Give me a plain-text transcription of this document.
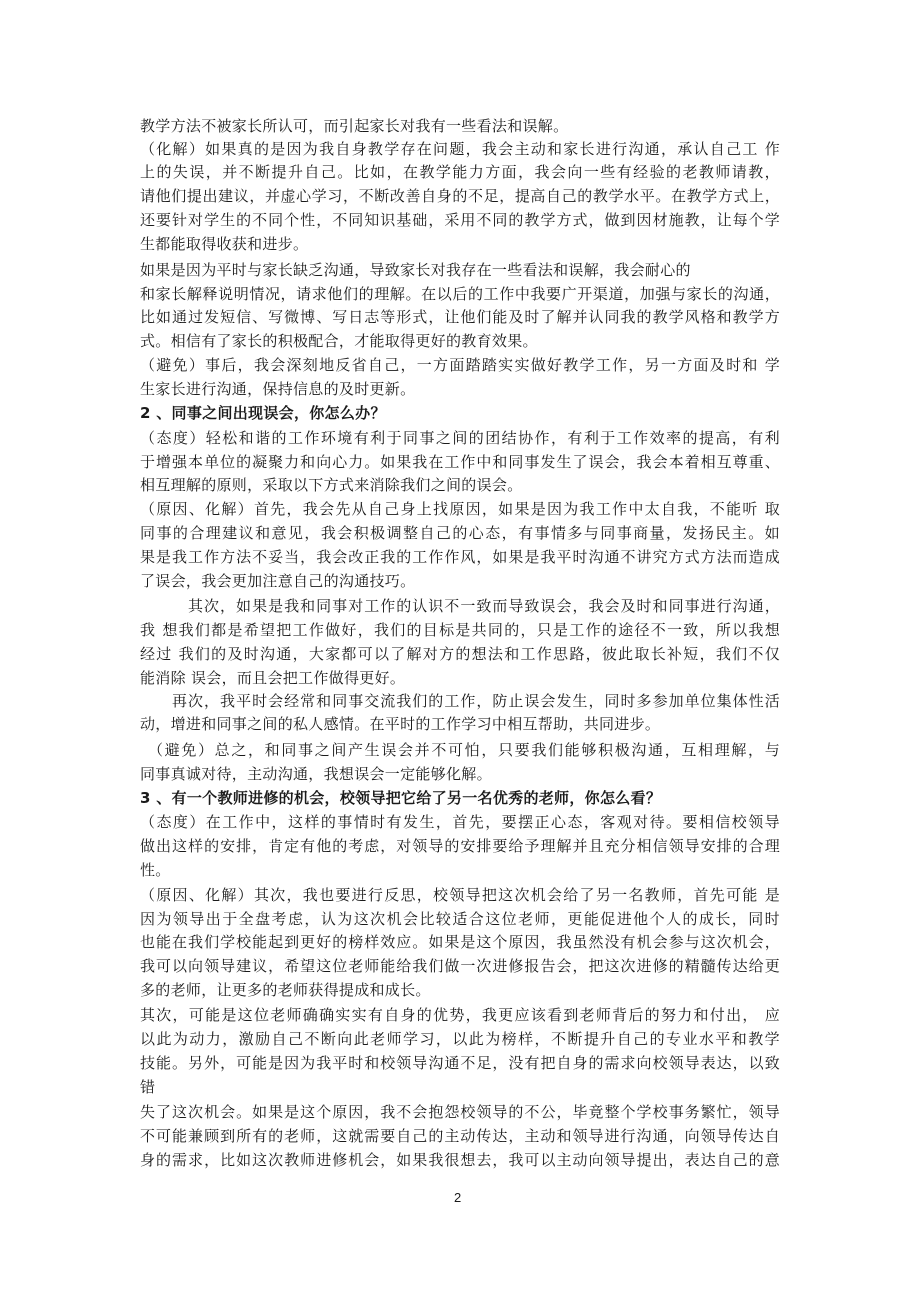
教学方法不被家长所认可，而引起家长对我有一些看法和误解。
（化解）如果真的是因为我自身教学存在问题，我会主动和家长进行沟通，承认自己工 作
上的失误，并不断提升自己。比如，在教学能力方面，我会向一些有经验的老教师请教，
请他们提出建议，并虚心学习，不断改善自身的不足，提高自己的教学水平。在教学方式上，
还要针对学生的不同个性，不同知识基础，采用不同的教学方式，做到因材施教，让每个学
生都能取得收获和进步。
如果是因为平时与家长缺乏沟通，导致家长对我存在一些看法和误解，我会耐心的
和家长解释说明情况，请求他们的理解。在以后的工作中我要广开渠道，加强与家长的沟通，
比如通过发短信、写微博、写日志等形式，让他们能及时了解并认同我的教学风格和教学方
式。相信有了家长的积极配合，才能取得更好的教育效果。
（避免）事后，我会深刻地反省自己，一方面踏踏实实做好教学工作，另一方面及时和 学
生家长进行沟通，保持信息的及时更新。
2 、同事之间出现误会，你怎么办？
（态度）轻松和谐的工作环境有利于同事之间的团结协作，有利于工作效率的提高，有利
于增强本单位的凝聚力和向心力。如果我在工作中和同事发生了误会，我会本着相互尊重、
相互理解的原则，采取以下方式来消除我们之间的误会。
（原因、化解）首先，我会先从自己身上找原因，如果是因为我工作中太自我，不能听 取
同事的合理建议和意见，我会积极调整自己的心态，有事情多与同事商量，发扬民主。如
果是我工作方法不妥当，我会改正我的工作作风，如果是我平时沟通不讲究方式方法而造成
了误会，我会更加注意自己的沟通技巧。
其次，如果是我和同事对工作的认识不一致而导致误会，我会及时和同事进行沟通，
我 想我们都是希望把工作做好，我们的目标是共同的，只是工作的途径不一致，所以我想
经过 我们的及时沟通，大家都可以了解对方的想法和工作思路，彼此取长补短，我们不仅
能消除 误会，而且会把工作做得更好。
再次，我平时会经常和同事交流我们的工作，防止误会发生，同时多参加单位集体性活
动，增进和同事之间的私人感情。在平时的工作学习中相互帮助，共同进步。
（避免）总之，和同事之间产生误会并不可怕，只要我们能够积极沟通，互相理解，与
同事真诚对待，主动沟通，我想误会一定能够化解。
3 、有一个教师进修的机会，校领导把它给了另一名优秀的老师，你怎么看？
（态度）在工作中，这样的事情时有发生，首先，要摆正心态，客观对待。要相信校领导
做出这样的安排，肯定有他的考虑，对领导的安排要给予理解并且充分相信领导安排的合理
性。
（原因、化解）其次，我也要进行反思，校领导把这次机会给了另一名教师，首先可能 是
因为领导出于全盘考虑，认为这次机会比较适合这位老师，更能促进他个人的成长，同时
也能在我们学校能起到更好的榜样效应。如果是这个原因，我虽然没有机会参与这次机会，
我可以向领导建议，希望这位老师能给我们做一次进修报告会，把这次进修的精髓传达给更
多的老师，让更多的老师获得提成和成长。
其次，可能是这位老师确确实实有自身的优势，我更应该看到老师背后的努力和付出， 应
以此为动力，激励自己不断向此老师学习，以此为榜样，不断提升自己的专业水平和教学
技能。另外，可能是因为我平时和校领导沟通不足，没有把自身的需求向校领导表达，以致
错
失了这次机会。如果是这个原因，我不会抱怨校领导的不公，毕竟整个学校事务繁忙，领导
不可能兼顾到所有的老师，这就需要自己的主动传达，主动和领导进行沟通，向领导传达自
身的需求，比如这次教师进修机会，如果我很想去，我可以主动向领导提出，表达自己的意
2
